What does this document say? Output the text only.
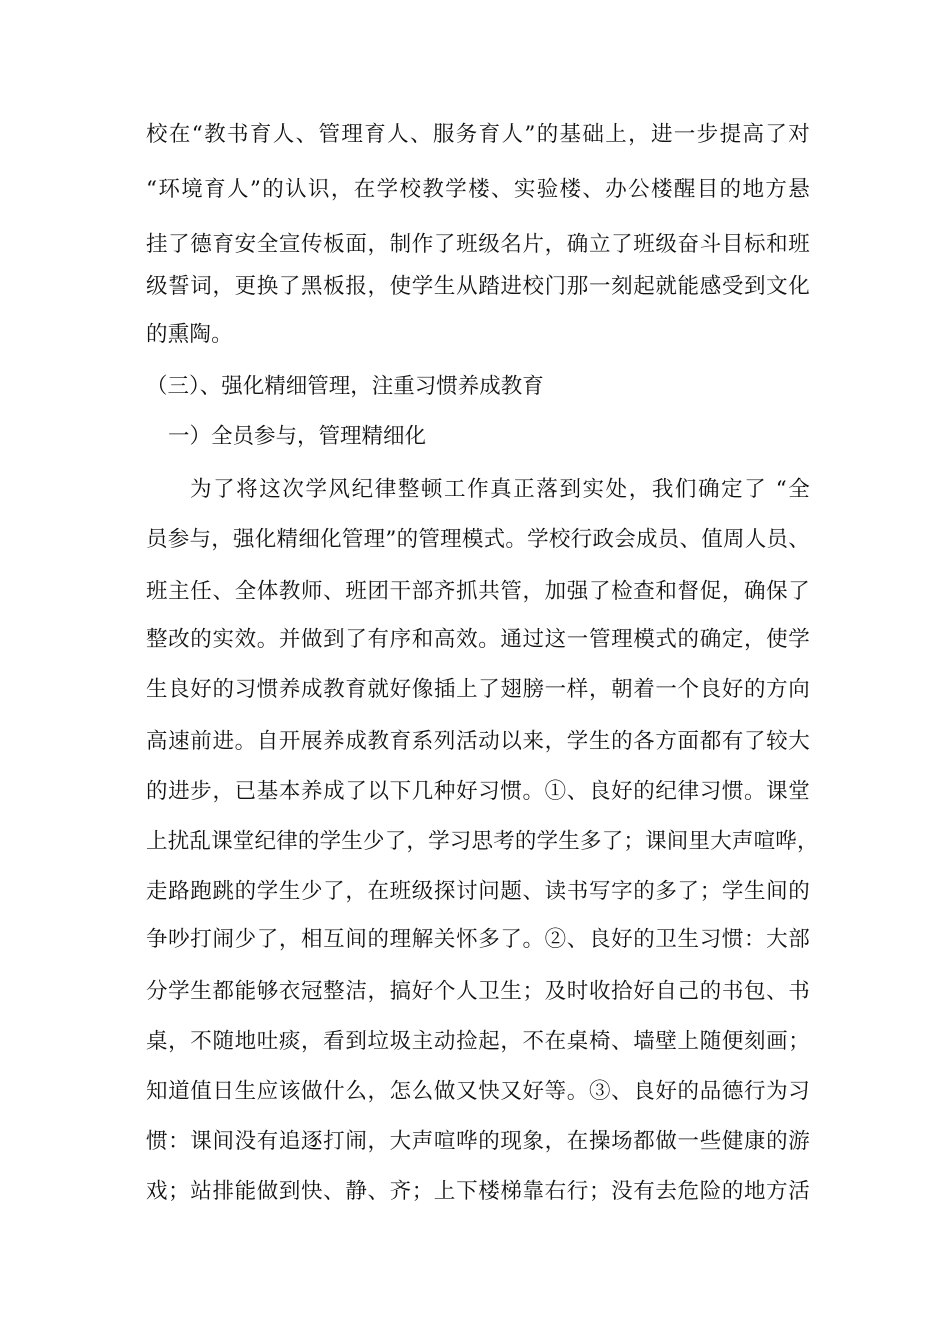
校在“教书育人、管理育人、服务育人”的基础上，进一步提高了对
“环境育人”的认识，在学校教学楼、实验楼、办公楼醒目的地方悬
挂了德育安全宣传板面，制作了班级名片，确立了班级奋斗目标和班
级誓词，更换了黑板报，使学生从踏进校门那一刻起就能感受到文化
的熏陶。
（三）、强化精细管理，注重习惯养成教育
一）全员参与，管理精细化
为了将这次学风纪律整顿工作真正落到实处，我们确定了 “全
员参与，强化精细化管理”的管理模式。学校行政会成员、值周人员、
班主任、全体教师、班团干部齐抓共管，加强了检查和督促，确保了
整改的实效。并做到了有序和高效。通过这一管理模式的确定，使学
生良好的习惯养成教育就好像插上了翅膀一样，朝着一个良好的方向
高速前进。自开展养成教育系列活动以来，学生的各方面都有了较大
的进步，已基本养成了以下几种好习惯。①、良好的纪律习惯。课堂
上扰乱课堂纪律的学生少了，学习思考的学生多了；课间里大声喧哗，
走路跑跳的学生少了，在班级探讨问题、读书写字的多了；学生间的
争吵打闹少了，相互间的理解关怀多了。②、良好的卫生习惯：大部
分学生都能够衣冠整洁，搞好个人卫生；及时收拾好自己的书包、书
桌，不随地吐痰，看到垃圾主动捡起，不在桌椅、墙壁上随便刻画；
知道值日生应该做什么，怎么做又快又好等。③、良好的品德行为习
惯：课间没有追逐打闹，大声喧哗的现象，在操场都做一些健康的游
戏；站排能做到快、静、齐；上下楼梯靠右行；没有去危险的地方活
